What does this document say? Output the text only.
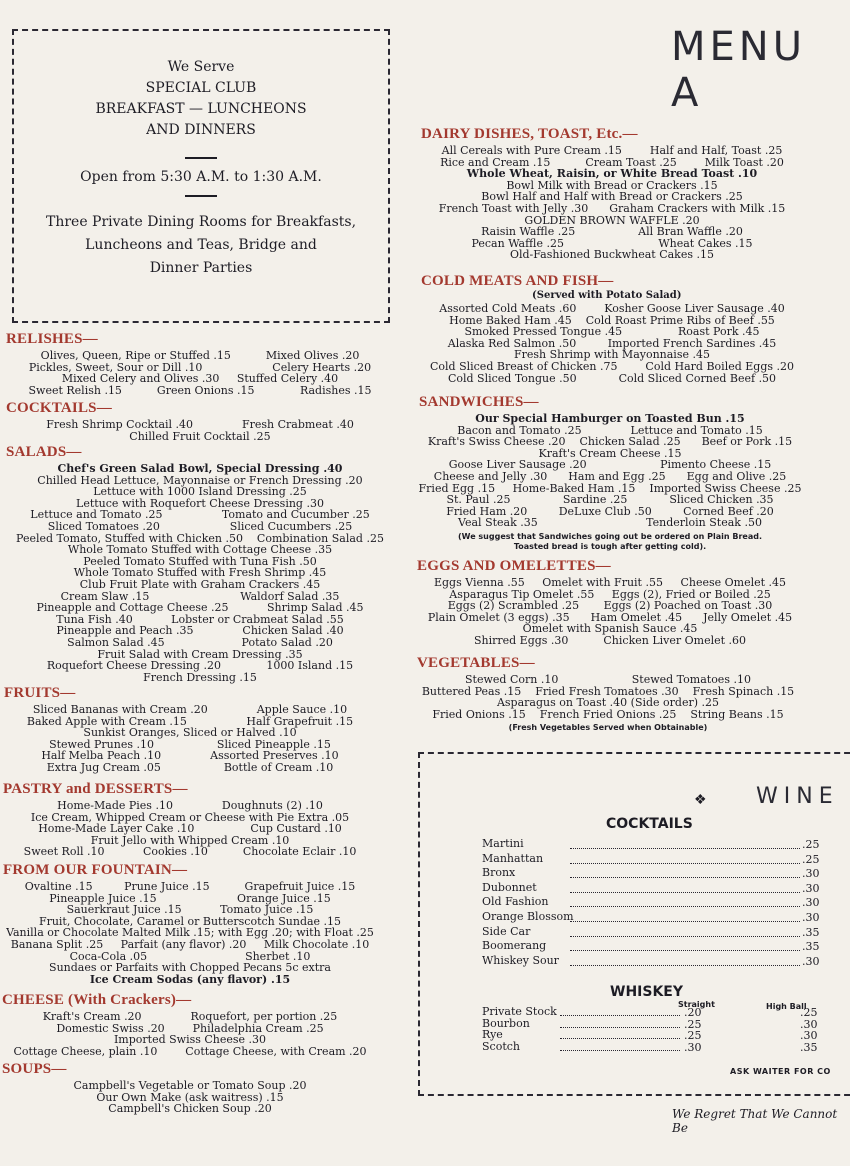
We Serve
SPECIAL CLUB
BREAKFAST — LUNCHEONS
AND DINNERS
Open from 5:30 A.M. to 1:30 A.M.
Three Private Dining Rooms for Breakfasts,
Luncheons and Teas, Bridge and
Dinner Parties
MENU A
RELISHES—
Olives, Queen, Ripe or Stuffed .15          Mixed Olives .20
Pickles, Sweet, Sour or Dill .10                    Celery Hearts .20
Mixed Celery and Olives .30     Stuffed Celery .40
Sweet Relish .15          Green Onions .15             Radishes .15
COCKTAILS—
Fresh Shrimp Cocktail .40              Fresh Crabmeat .40
Chilled Fruit Cocktail .25
SALADS—
Chef's Green Salad Bowl, Special Dressing .40
Chilled Head Lettuce, Mayonnaise or French Dressing .20
Lettuce with 1000 Island Dressing .25
Lettuce with Roquefort Cheese Dressing .30
Lettuce and Tomato .25                 Tomato and Cucumber .25
Sliced Tomatoes .20                    Sliced Cucumbers .25
Peeled Tomato, Stuffed with Chicken .50    Combination Salad .25
Whole Tomato Stuffed with Cottage Cheese .35
Peeled Tomato Stuffed with Tuna Fish .50
Whole Tomato Stuffed with Fresh Shrimp .45
Club Fruit Plate with Graham Crackers .45
Cream Slaw .15                          Waldorf Salad .35
Pineapple and Cottage Cheese .25           Shrimp Salad .45
Tuna Fish .40           Lobster or Crabmeat Salad .55
Pineapple and Peach .35              Chicken Salad .40
Salmon Salad .45                      Potato Salad .20
Fruit Salad with Cream Dressing .35
Roquefort Cheese Dressing .20             1000 Island .15
French Dressing .15
FRUITS—
Sliced Bananas with Cream .20              Apple Sauce .10
Baked Apple with Cream .15                 Half Grapefruit .15
Sunkist Oranges, Sliced or Halved .10
Stewed Prunes .10                  Sliced Pineapple .15
Half Melba Peach .10              Assorted Preserves .10
Extra Jug Cream .05                  Bottle of Cream .10
PASTRY and DESSERTS—
Home-Made Pies .10              Doughnuts (2) .10
Ice Cream, Whipped Cream or Cheese with Pie Extra .05
Home-Made Layer Cake .10                Cup Custard .10
Fruit Jello with Whipped Cream .10
Sweet Roll .10           Cookies .10          Chocolate Eclair .10
FROM OUR FOUNTAIN—
Ovaltine .15         Prune Juice .15          Grapefruit Juice .15
Pineapple Juice .15                       Orange Juice .15
Sauerkraut Juice .15           Tomato Juice .15
Fruit, Chocolate, Caramel or Butterscotch Sundae .15
Vanilla or Chocolate Malted Milk .15; with Egg .20; with Float .25
Banana Split .25     Parfait (any flavor) .20     Milk Chocolate .10
Coca-Cola .05                            Sherbet .10
Sundaes or Parfaits with Chopped Pecans 5c extra
Ice Cream Sodas (any flavor) .15
CHEESE (With Crackers)—
Kraft's Cream .20              Roquefort, per portion .25
Domestic Swiss .20        Philadelphia Cream .25
Imported Swiss Cheese .30
Cottage Cheese, plain .10        Cottage Cheese, with Cream .20
SOUPS—
Campbell's Vegetable or Tomato Soup .20
Our Own Make (ask waitress) .15
Campbell's Chicken Soup .20
DAIRY DISHES, TOAST, Etc.—
All Cereals with Pure Cream .15        Half and Half, Toast .25
Rice and Cream .15          Cream Toast .25        Milk Toast .20
Whole Wheat, Raisin, or White Bread Toast .10
Bowl Milk with Bread or Crackers .15
Bowl Half and Half with Bread or Crackers .25
French Toast with Jelly .30      Graham Crackers with Milk .15
GOLDEN BROWN WAFFLE .20
Raisin Waffle .25                  All Bran Waffle .20
Pecan Waffle .25                           Wheat Cakes .15
Old-Fashioned Buckwheat Cakes .15
COLD MEATS AND FISH—
(Served with Potato Salad)
Assorted Cold Meats .60        Kosher Goose Liver Sausage .40
Home Baked Ham .45    Cold Roast Prime Ribs of Beef .55
Smoked Pressed Tongue .45                Roast Pork .45
Alaska Red Salmon .50         Imported French Sardines .45
Fresh Shrimp with Mayonnaise .45
Cold Sliced Breast of Chicken .75        Cold Hard Boiled Eggs .20
Cold Sliced Tongue .50            Cold Sliced Corned Beef .50
SANDWICHES—
Our Special Hamburger on Toasted Bun .15
Bacon and Tomato .25              Lettuce and Tomato .15
Kraft's Swiss Cheese .20    Chicken Salad .25      Beef or Pork .15
Kraft's Cream Cheese .15
Goose Liver Sausage .20                     Pimento Cheese .15
Cheese and Jelly .30      Ham and Egg .25      Egg and Olive .25
Fried Egg .15     Home-Baked Ham .15    Imported Swiss Cheese .25
St. Paul .25               Sardine .25            Sliced Chicken .35
Fried Ham .20         DeLuxe Club .50         Corned Beef .20
Veal Steak .35                               Tenderloin Steak .50
(We suggest that Sandwiches going out be ordered on Plain Bread.
Toasted bread is tough after getting cold).
EGGS AND OMELETTES—
Eggs Vienna .55     Omelet with Fruit .55     Cheese Omelet .45
Asparagus Tip Omelet .55     Eggs (2), Fried or Boiled .25
Eggs (2) Scrambled .25       Eggs (2) Poached on Toast .30
Plain Omelet (3 eggs) .35      Ham Omelet .45      Jelly Omelet .45
Omelet with Spanish Sauce .45
Shirred Eggs .30          Chicken Liver Omelet .60
VEGETABLES—
Stewed Corn .10                     Stewed Tomatoes .10
Buttered Peas .15    Fried Fresh Tomatoes .30    Fresh Spinach .15
Asparagus on Toast .40 (Side order) .25
Fried Onions .15    French Fried Onions .25    String Beans .15
(Fresh Vegetables Served when Obtainable)
WINE
❖
COCKTAILS
Martini	.25
Manhattan	.25
Bronx	.30
Dubonnet	.30
Old Fashion	.30
Orange Blossom	.30
Side Car	.35
Boomerang	.35
Whiskey Sour	.30
WHISKEY
Straight	High Ball
Private Stock	.20	.25
Bourbon	.25	.30
Rye	.25	.30
Scotch	.30	.35
ASK WAITER FOR CO
We Regret That We Cannot Be
